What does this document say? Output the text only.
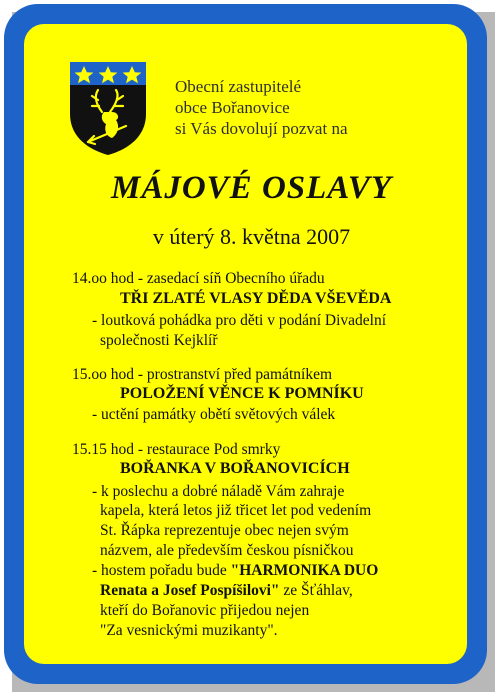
Obecní zastupitelé
obce Bořanovice
si Vás dovolují pozvat na
MÁJOVÉ OSLAVY
v úterý 8. května 2007
14.oo hod - zasedací síň Obecního úřadu
TŘI ZLATÉ VLASY DĚDA VŠEVĚDA
- loutková pohádka pro děti v podání Divadelní
společnosti Kejklíř
15.oo hod - prostranství před památníkem
POLOŽENÍ VĚNCE K POMNÍKU
- uctění památky obětí světových válek
15.15 hod - restaurace Pod smrky
BOŘANKA V BOŘANOVICÍCH
- k poslechu a dobré náladě Vám zahraje
kapela, která letos již třicet let pod vedením
St. Řápka reprezentuje obec nejen svým
názvem, ale především českou písničkou
- hostem pořadu bude "HARMONIKA DUO
Renata a Josef Pospíšilovi" ze Šťáhlav,
kteří do Bořanovic přijedou nejen
"Za vesnickými muzikanty".
